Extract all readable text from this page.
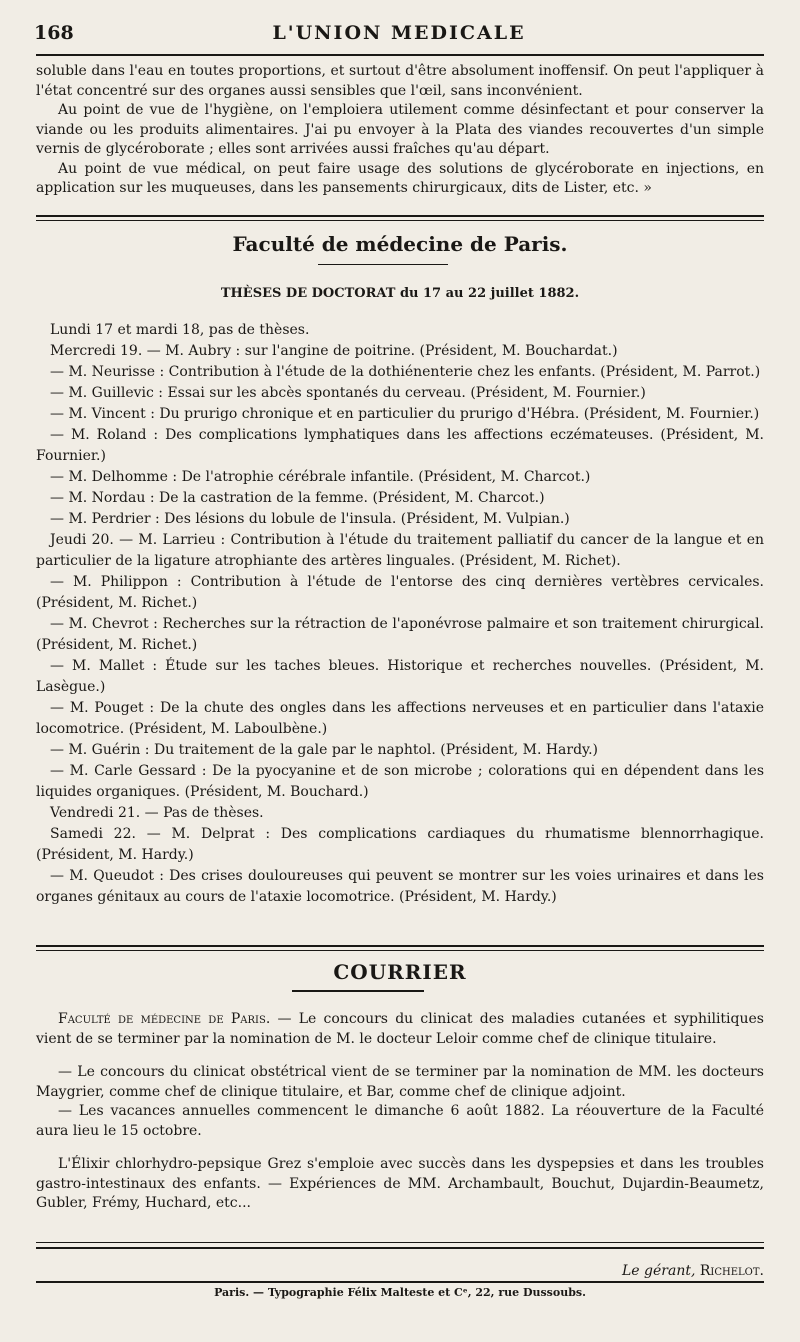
168	L'UNION MEDICALE

soluble dans l'eau en toutes proportions, et surtout d'être absolument inoffensif. On peut l'appliquer à l'état concentré sur des organes aussi sensibles que l'œil, sans inconvénient.

Au point de vue de l'hygiène, on l'emploiera utilement comme désinfectant et pour conserver la viande ou les produits alimentaires. J'ai pu envoyer à la Plata des viandes recouvertes d'un simple vernis de glycéroborate ; elles sont arrivées aussi fraîches qu'au départ.

Au point de vue médical, on peut faire usage des solutions de glycéroborate en injections, en application sur les muqueuses, dans les pansements chirurgicaux, dits de Lister, etc. »

Faculté de médecine de Paris.
THÈSES DE DOCTORAT du 17 au 22 juillet 1882.

Lundi 17 et mardi 18, pas de thèses.

Mercredi 19. — M. Aubry : sur l'angine de poitrine. (Président, M. Bouchardat.)

— M. Neurisse : Contribution à l'étude de la dothiénenterie chez les enfants. (Président, M. Parrot.)

— M. Guillevic : Essai sur les abcès spontanés du cerveau. (Président, M. Fournier.)

— M. Vincent : Du prurigo chronique et en particulier du prurigo d'Hébra. (Président, M. Fournier.)

— M. Roland : Des complications lymphatiques dans les affections eczémateuses. (Président, M. Fournier.)

— M. Delhomme : De l'atrophie cérébrale infantile. (Président, M. Charcot.)

— M. Nordau : De la castration de la femme. (Président, M. Charcot.)

— M. Perdrier : Des lésions du lobule de l'insula. (Président, M. Vulpian.)

Jeudi 20. — M. Larrieu : Contribution à l'étude du traitement palliatif du cancer de la langue et en particulier de la ligature atrophiante des artères linguales. (Président, M. Richet).

— M. Philippon : Contribution à l'étude de l'entorse des cinq dernières vertèbres cervicales. (Président, M. Richet.)

— M. Chevrot : Recherches sur la rétraction de l'aponévrose palmaire et son traitement chirurgical. (Président, M. Richet.)

— M. Mallet : Étude sur les taches bleues. Historique et recherches nouvelles. (Président, M. Lasègue.)

— M. Pouget : De la chute des ongles dans les affections nerveuses et en particulier dans l'ataxie locomotrice. (Président, M. Laboulbène.)

— M. Guérin : Du traitement de la gale par le naphtol. (Président, M. Hardy.)

— M. Carle Gessard : De la pyocyanine et de son microbe ; colorations qui en dépendent dans les liquides organiques. (Président, M. Bouchard.)

Vendredi 21. — Pas de thèses.

Samedi 22. — M. Delprat : Des complications cardiaques du rhumatisme blennorrhagique. (Président, M. Hardy.)

— M. Queudot : Des crises douloureuses qui peuvent se montrer sur les voies urinaires et dans les organes génitaux au cours de l'ataxie locomotrice. (Président, M. Hardy.)

COURRIER

Faculté de médecine de Paris. — Le concours du clinicat des maladies cutanées et syphilitiques vient de se terminer par la nomination de M. le docteur Leloir comme chef de clinique titulaire.

— Le concours du clinicat obstétrical vient de se terminer par la nomination de MM. les docteurs Maygrier, comme chef de clinique titulaire, et Bar, comme chef de clinique adjoint.

— Les vacances annuelles commencent le dimanche 6 août 1882. La réouverture de la Faculté aura lieu le 15 octobre.

L'Élixir chlorhydro-pepsique Grez s'emploie avec succès dans les dyspepsies et dans les troubles gastro-intestinaux des enfants. — Expériences de MM. Archambault, Bouchut, Dujardin-Beaumetz, Gubler, Frémy, Huchard, etc...

Le gérant, Richelot.
Paris. — Typographie Félix Malteste et Cᵉ, 22, rue Dussoubs.
